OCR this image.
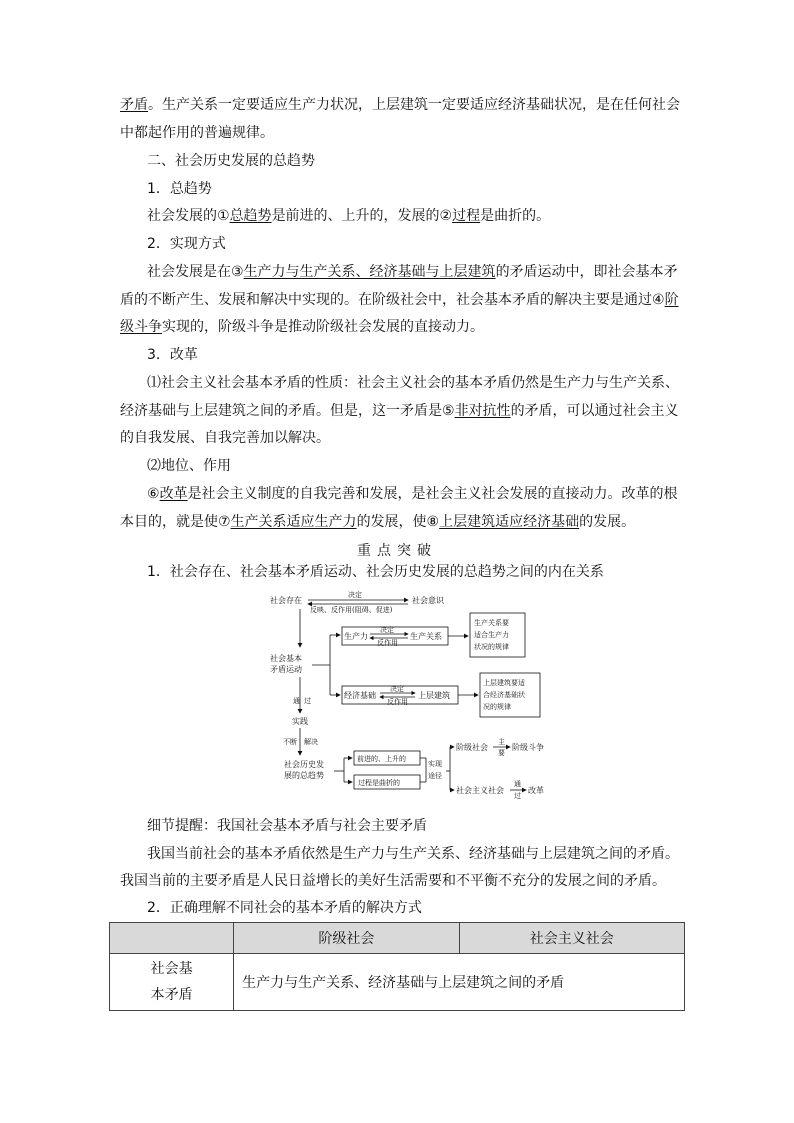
矛盾。生产关系一定要适应生产力状况，上层建筑一定要适应经济基础状况，是在任何社会
中都起作用的普遍规律。
二、社会历史发展的总趋势
1．总趋势
社会发展的①总趋势是前进的、上升的，发展的②过程是曲折的。
2．实现方式
社会发展是在③生产力与生产关系、经济基础与上层建筑的矛盾运动中，即社会基本矛
盾的不断产生、发展和解决中实现的。在阶级社会中，社会基本矛盾的解决主要是通过④阶
级斗争实现的，阶级斗争是推动阶级社会发展的直接动力。
3．改革
⑴社会主义社会基本矛盾的性质：社会主义社会的基本矛盾仍然是生产力与生产关系、
经济基础与上层建筑之间的矛盾。但是，这一矛盾是⑤非对抗性的矛盾，可以通过社会主义
的自我发展、自我完善加以解决。
⑵地位、作用
⑥改革是社会主义制度的自我完善和发展，是社会主义社会发展的直接动力。改革的根
本目的，就是使⑦生产关系适应生产力的发展，使⑧上层建筑适应经济基础的发展。
重点突破
1．社会存在、社会基本矛盾运动、社会历史发展的总趋势之间的内在关系
社会存在
决定
反映、反作用(阻碍、促进)
社会意识
社会基本
矛盾运动
生产力
决定
反作用
生产关系
生产关系要
适合生产力
状况的规律
经济基础
决定
反作用
上层建筑
上层建筑要适
合经济基础状
况的规律
通 过
实践
不断 解决
社会历史发
展的总趋势
前进的、上升的
过程是曲折的
实现
途径
阶级社会
主
要
阶级斗争
社会主义社会
通
过
改革
细节提醒：我国社会基本矛盾与社会主要矛盾
我国当前社会的基本矛盾依然是生产力与生产关系、经济基础与上层建筑之间的矛盾。
我国当前的主要矛盾是人民日益增长的美好生活需要和不平衡不充分的发展之间的矛盾。
2．正确理解不同社会的基本矛盾的解决方式
	阶级社会	社会主义社会

社会基
本矛盾	生产力与生产关系、经济基础与上层建筑之间的矛盾	
